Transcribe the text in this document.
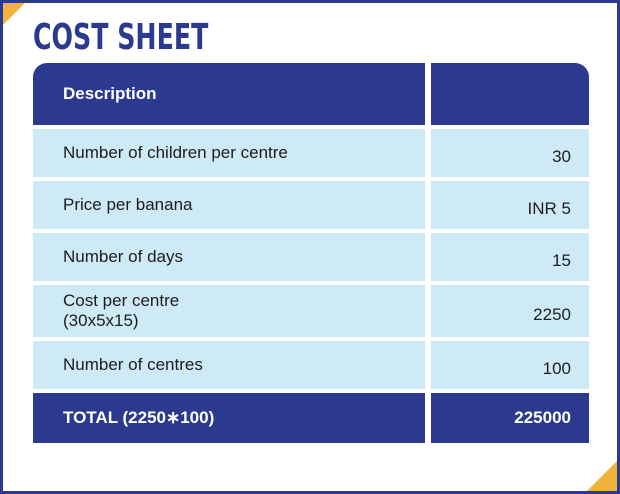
COST SHEET
Description
Number of children per centre	30
Price per banana	INR 5
Number of days	15
Cost per centre
(30x5x15)	2250
Number of centres	100
TOTAL (2250∗100)	225000
